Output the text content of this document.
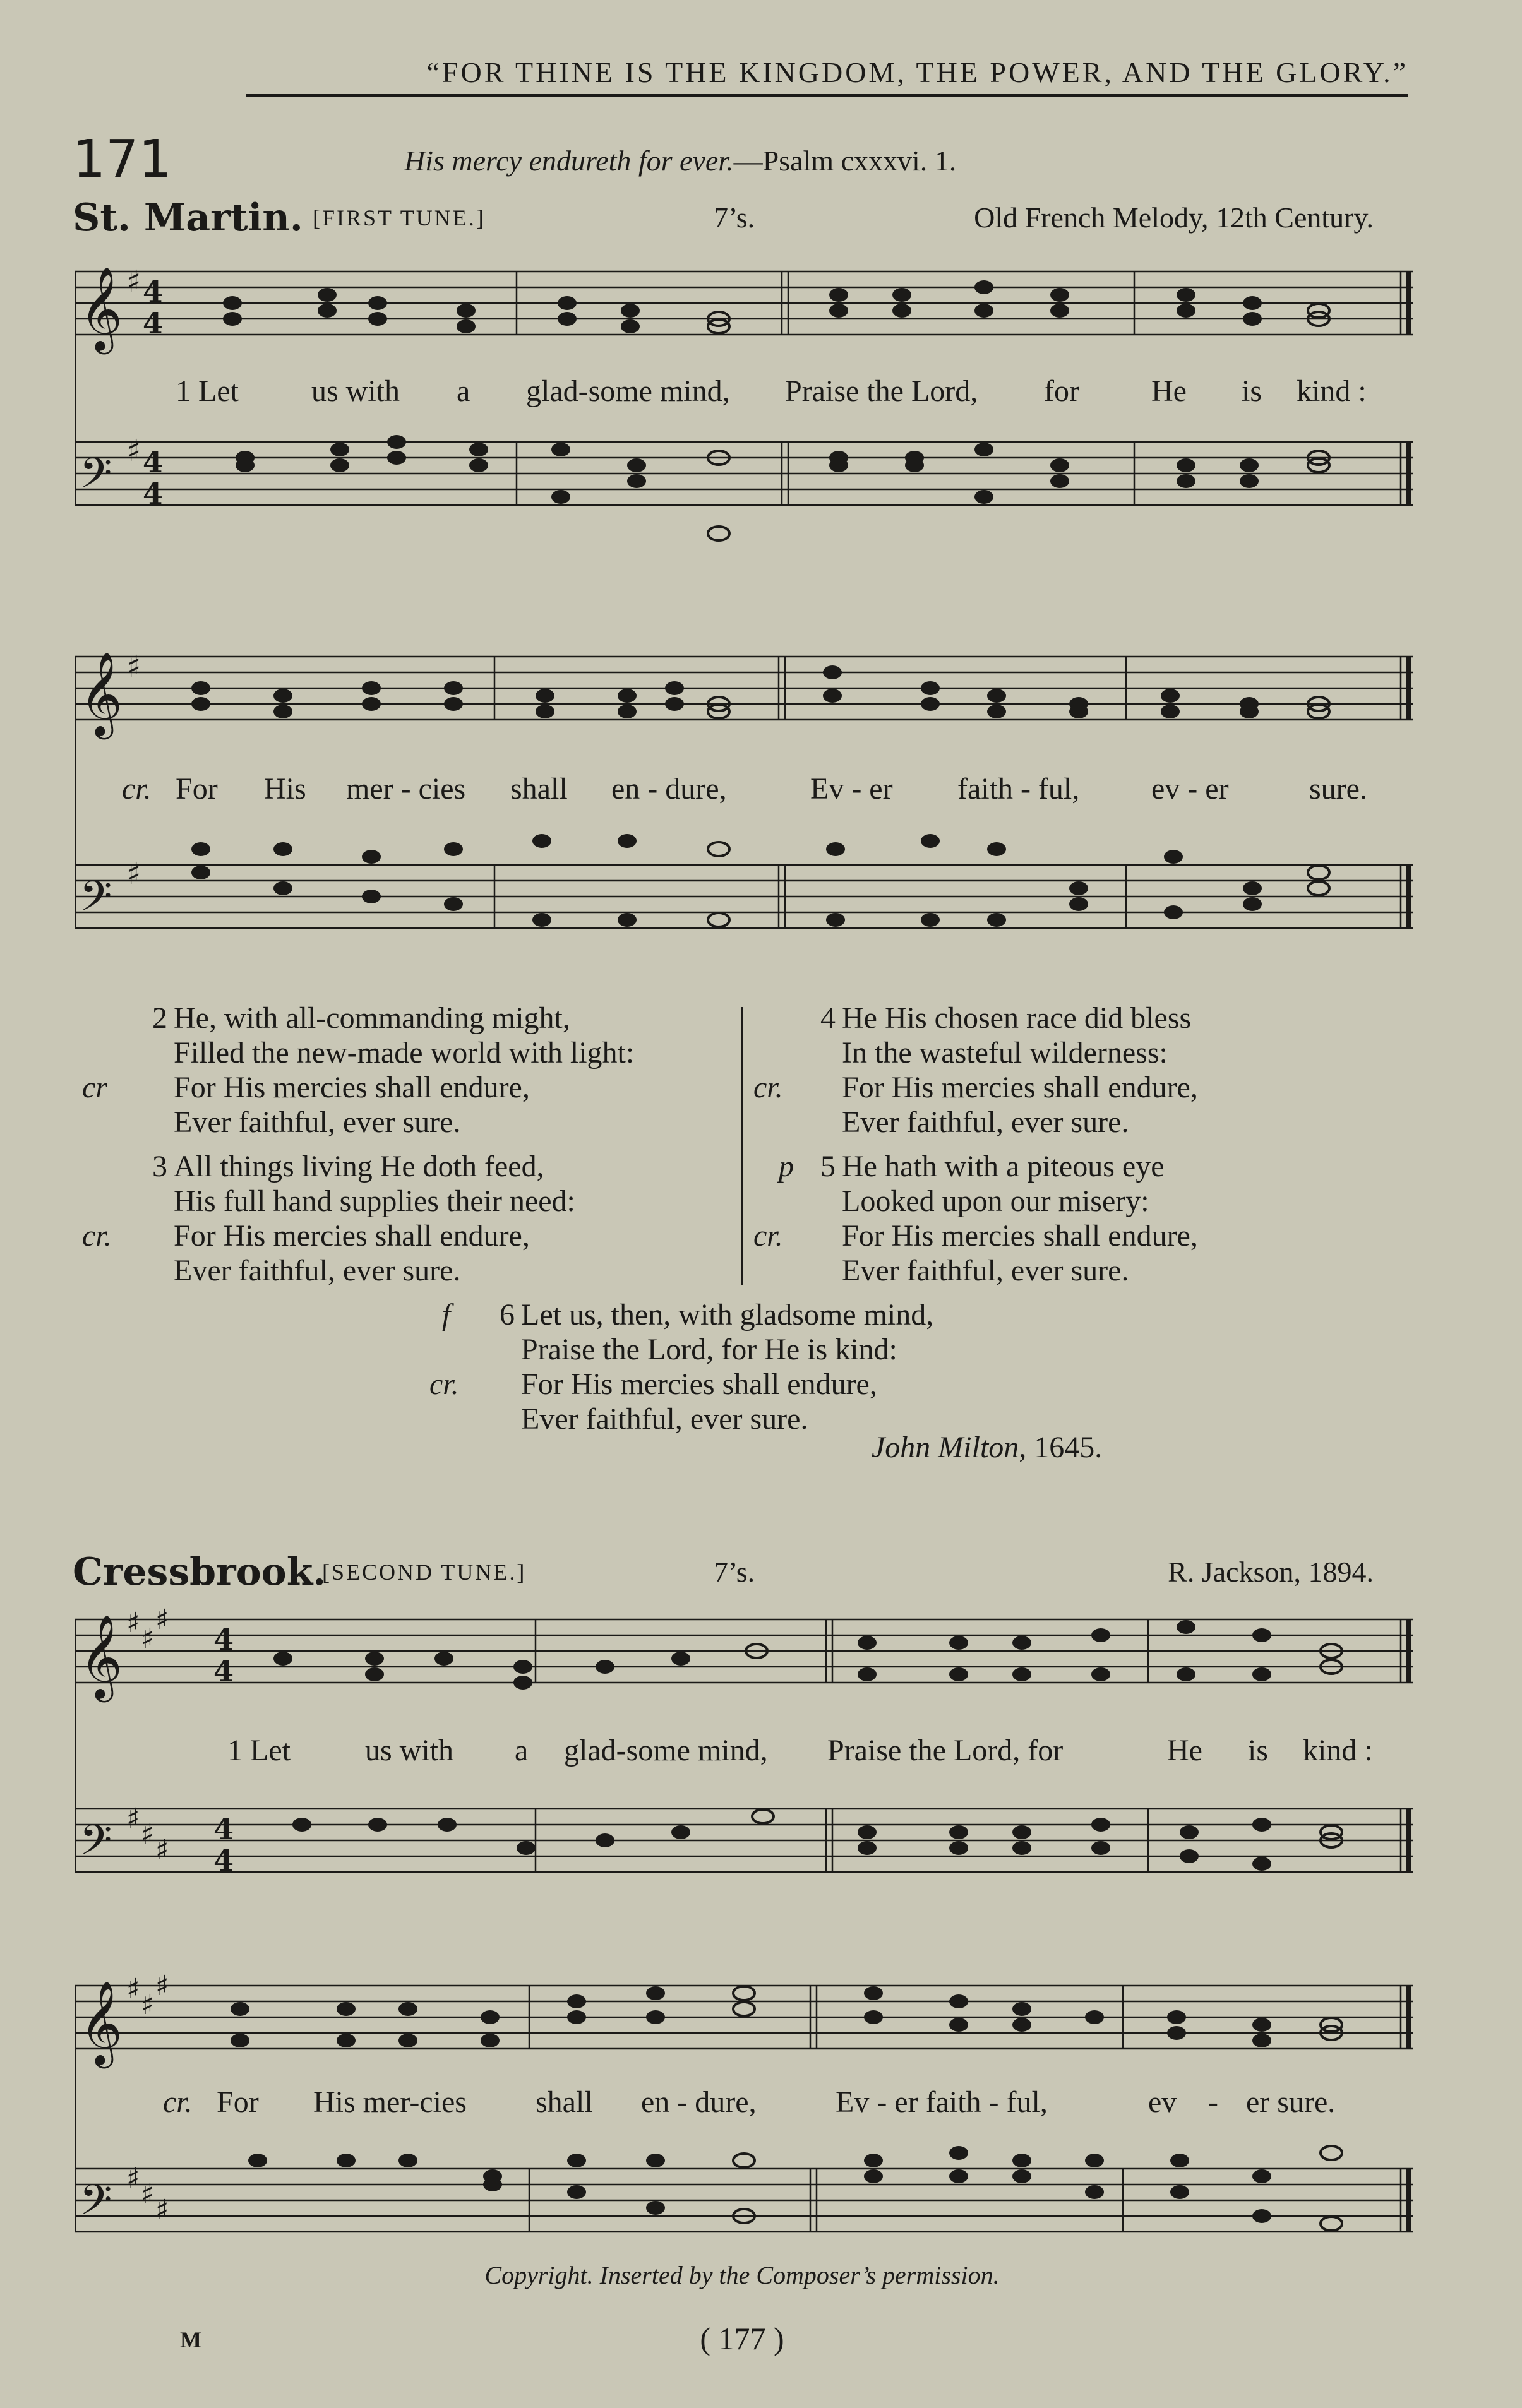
“FOR THINE IS THE KINGDOM, THE POWER, AND THE GLORY.”
171	His mercy endureth for ever.—Psalm cxxxvi. 1.
St. Martin. [FIRST TUNE.]	7’s.	Old French Melody, 12th Century.
𝄞 ♯ 4
4
𝄢 ♯ 4
4
1 Let us with a glad-some mind, Praise the Lord, for He is kind :
𝄞 ♯
𝄢 ♯
cr. For His mer - cies shall en - dure,	Ev - er faith - ful, ev - er	sure.
2 He, with all-commanding might,
Filled the new-made world with light:
cr	For His mercies shall endure,
Ever faithful, ever sure.
3 All things living He doth feed,
His full hand supplies their need:
cr.	For His mercies shall endure,
Ever faithful, ever sure.
4 He His chosen race did bless
In the wasteful wilderness:
cr.	For His mercies shall endure,
Ever faithful, ever sure.
p 5 He hath with a piteous eye
Looked upon our misery:
cr.	For His mercies shall endure,
Ever faithful, ever sure.
f	6 Let us, then, with gladsome mind,
Praise the Lord, for He is kind:
cr.	For His mercies shall endure,
Ever faithful, ever sure.
John Milton, 1645.
Cressbrook.
[SECOND TUNE.]	7’s.	R. Jackson, 1894.
𝄞 ♯ ♯
♯
4
4
𝄢 ♯ ♯ ♯
4
4
1 Let us with a glad-some mind, Praise the Lord, for	He is kind :
𝄞 ♯ ♯
♯
𝄢 ♯ ♯ ♯
cr. For His mer-cies shall en - dure,	Ev - er faith - ful,	ev - er sure.
Copyright. Inserted by the Composer’s permission.
M	( 177 )
